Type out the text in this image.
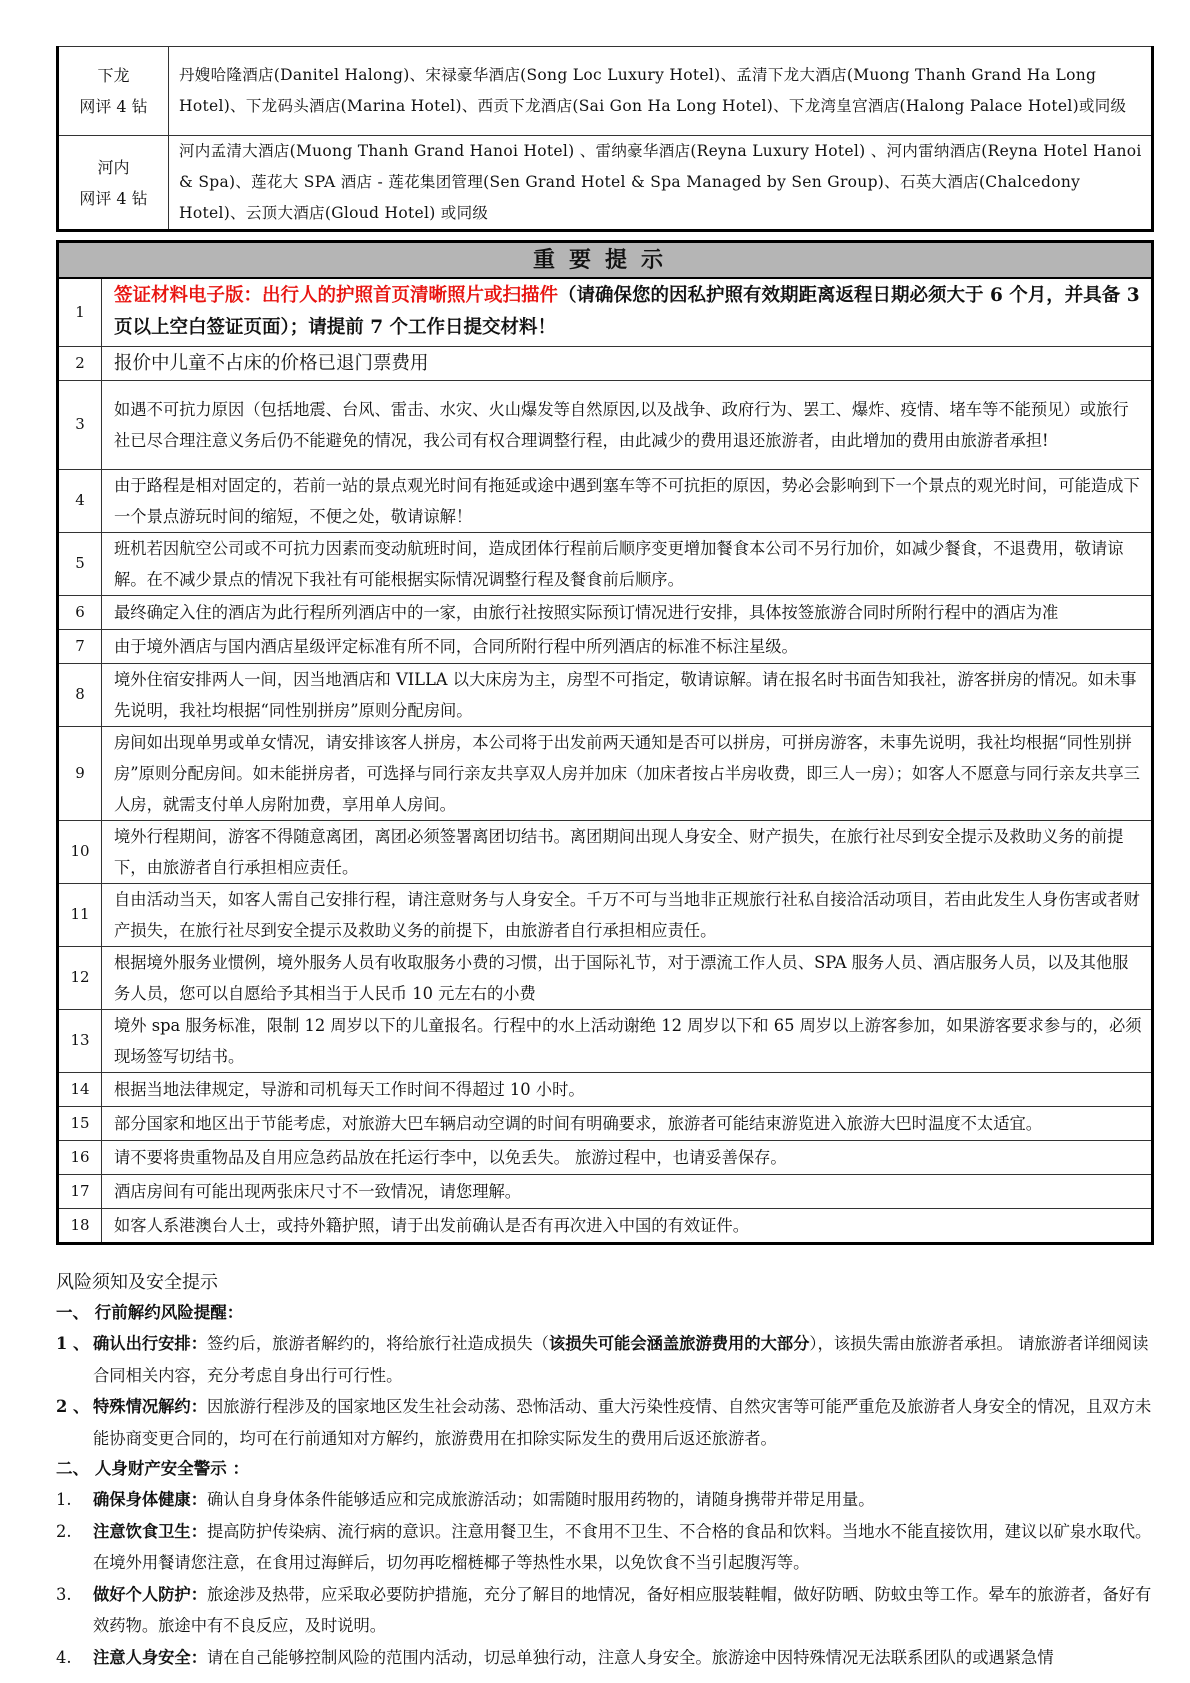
下龙
网评 4 钻	丹嫂哈隆酒店(Danitel Halong)、宋禄豪华酒店(Song Loc Luxury Hotel)、孟清下龙大酒店(Muong Thanh Grand Ha Long Hotel)、下龙码头酒店(Marina Hotel)、西贡下龙酒店(Sai Gon Ha Long Hotel)、下龙湾皇宫酒店(Halong Palace Hotel)或同级

河内
网评 4 钻	河内孟清大酒店(Muong Thanh Grand Hanoi Hotel) 、雷纳豪华酒店(Reyna Luxury Hotel) 、河内雷纳酒店(Reyna Hotel Hanoi & Spa)、莲花大 SPA 酒店 - 莲花集团管理(Sen Grand Hotel & Spa Managed by Sen Group)、石英大酒店(Chalcedony Hotel)、云顶大酒店(Gloud Hotel) 或同级
重要提示	
1	签证材料电子版：出行人的护照首页清晰照片或扫描件（请确保您的因私护照有效期距离返程日期必须大于 6 个月，并具备 3 页以上空白签证页面）；请提前 7 个工作日提交材料！
2	报价中儿童不占床的价格已退门票费用
3	如遇不可抗力原因（包括地震、台风、雷击、水灾、火山爆发等自然原因,以及战争、政府行为、罢工、爆炸、疫情、堵车等不能预见）或旅行社已尽合理注意义务后仍不能避免的情况，我公司有权合理调整行程，由此减少的费用退还旅游者，由此增加的费用由旅游者承担!
4	由于路程是相对固定的，若前一站的景点观光时间有拖延或途中遇到塞车等不可抗拒的原因，势必会影响到下一个景点的观光时间，可能造成下一个景点游玩时间的缩短，不便之处，敬请谅解！
5	班机若因航空公司或不可抗力因素而变动航班时间，造成团体行程前后顺序变更增加餐食本公司不另行加价，如减少餐食，不退费用，敬请谅解。在不减少景点的情况下我社有可能根据实际情况调整行程及餐食前后顺序。
6	最终确定入住的酒店为此行程所列酒店中的一家，由旅行社按照实际预订情况进行安排，具体按签旅游合同时所附行程中的酒店为准
7	由于境外酒店与国内酒店星级评定标准有所不同，合同所附行程中所列酒店的标准不标注星级。
8	境外住宿安排两人一间，因当地酒店和 VILLA 以大床房为主，房型不可指定，敬请谅解。请在报名时书面告知我社，游客拼房的情况。如未事先说明，我社均根据“同性别拼房”原则分配房间。
9	房间如出现单男或单女情况，请安排该客人拼房，本公司将于出发前两天通知是否可以拼房，可拼房游客，未事先说明，我社均根据“同性别拼房”原则分配房间。如未能拼房者，可选择与同行亲友共享双人房并加床（加床者按占半房收费，即三人一房）；如客人不愿意与同行亲友共享三人房，就需支付单人房附加费，享用单人房间。
10	境外行程期间，游客不得随意离团，离团必须签署离团切结书。离团期间出现人身安全、财产损失，在旅行社尽到安全提示及救助义务的前提下，由旅游者自行承担相应责任。
11	自由活动当天，如客人需自己安排行程，请注意财务与人身安全。千万不可与当地非正规旅行社私自接洽活动项目，若由此发生人身伤害或者财产损失，在旅行社尽到安全提示及救助义务的前提下，由旅游者自行承担相应责任。
12	根据境外服务业惯例，境外服务人员有收取服务小费的习惯，出于国际礼节，对于漂流工作人员、SPA 服务人员、酒店服务人员，以及其他服务人员，您可以自愿给予其相当于人民币 10 元左右的小费
13	境外 spa 服务标准，限制 12 周岁以下的儿童报名。行程中的水上活动谢绝 12 周岁以下和 65 周岁以上游客参加，如果游客要求参与的，必须现场签写切结书。
14	根据当地法律规定，导游和司机每天工作时间不得超过 10 小时。
15	部分国家和地区出于节能考虑，对旅游大巴车辆启动空调的时间有明确要求，旅游者可能结束游览进入旅游大巴时温度不太适宜。
16	请不要将贵重物品及自用应急药品放在托运行李中，以免丢失。 旅游过程中，也请妥善保存。
17	酒店房间有可能出现两张床尺寸不一致情况，请您理解。
18	如客人系港澳台人士，或持外籍护照，请于出发前确认是否有再次进入中国的有效证件。

风险须知及安全提示

一、 行前解约风险提醒：

1 、 确认出行安排：签约后，旅游者解约的，将给旅行社造成损失（该损失可能会涵盖旅游费用的大部分），该损失需由旅游者承担。 请旅游者详细阅读合同相关内容，充分考虑自身出行可行性。

2 、 特殊情况解约：因旅游行程涉及的国家地区发生社会动荡、恐怖活动、重大污染性疫情、自然灾害等可能严重危及旅游者人身安全的情况，且双方未能协商变更合同的，均可在行前通知对方解约，旅游费用在扣除实际发生的费用后返还旅游者。

二、 人身财产安全警示 ：

1.	确保身体健康：确认自身身体条件能够适应和完成旅游活动；如需随时服用药物的，请随身携带并带足用量。

2.	注意饮食卫生：提高防护传染病、流行病的意识。注意用餐卫生，不食用不卫生、不合格的食品和饮料。当地水不能直接饮用，建议以矿泉水取代。在境外用餐请您注意，在食用过海鲜后，切勿再吃榴梿椰子等热性水果，以免饮食不当引起腹泻等。

3.	做好个人防护：旅途涉及热带，应采取必要防护措施，充分了解目的地情况，备好相应服装鞋帽，做好防晒、防蚊虫等工作。晕车的旅游者，备好有效药物。旅途中有不良反应，及时说明。

4.	注意人身安全：请在自己能够控制风险的范围内活动，切忌单独行动，注意人身安全。旅游途中因特殊情况无法联系团队的或遇紧急情
